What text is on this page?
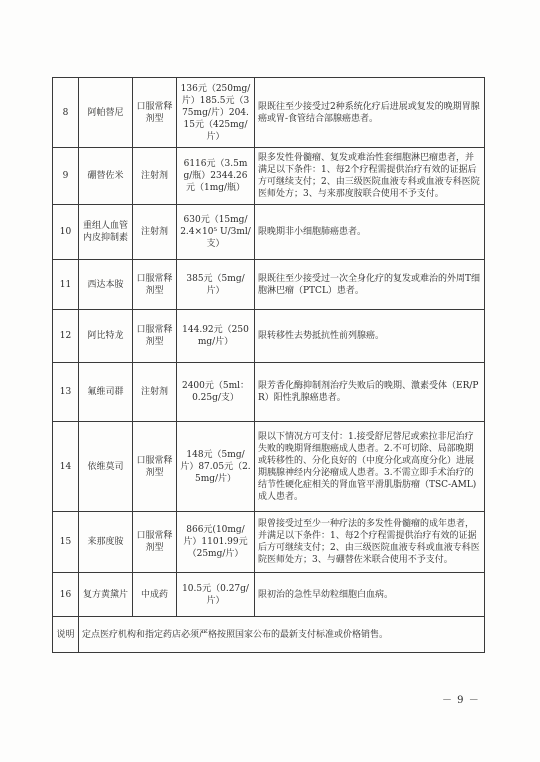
8	阿帕替尼	口服常释剂型	136元（250mg/片）185.5元（375mg/片）204.15元（425mg/片）	限既往至少接受过2种系统化疗后进展或复发的晚期胃腺癌或胃-食管结合部腺癌患者。
9	硼替佐米	注射剂	6116元（3.5mg/瓶）2344.26元（1mg/瓶）	限多发性骨髓瘤、复发或难治性套细胞淋巴瘤患者，并满足以下条件：1、每2个疗程需提供治疗有效的证据后方可继续支付；2、由三级医院血液专科或血液专科医院医师处方；3、与来那度胺联合使用不予支付。
10	重组人血管内皮抑制素	注射剂	630元（15mg/2.4×10⁵ U/3ml/支）	限晚期非小细胞肺癌患者。
11	西达本胺	口服常释剂型	385元（5mg/片）	限既往至少接受过一次全身化疗的复发或难治的外周T细胞淋巴瘤（PTCL）患者。
12	阿比特龙	口服常释剂型	144.92元（250mg/片）	限转移性去势抵抗性前列腺癌。
13	氟维司群	注射剂	2400元（5ml：0.25g/支）	限芳香化酶抑制剂治疗失败后的晚期、激素受体（ER/PR）阳性乳腺癌患者。
14	依维莫司	口服常释剂型	148元（5mg/片）87.05元（2.5mg/片）	限以下情况方可支付：1.接受舒尼替尼或索拉非尼治疗失败的晚期肾细胞癌成人患者。2.不可切除、局部晚期或转移性的、分化良好的（中度分化或高度分化）进展期胰腺神经内分泌瘤成人患者。3.不需立即手术治疗的结节性硬化症相关的肾血管平滑肌脂肪瘤（TSC-AML)成人患者。
15	来那度胺	口服常释剂型	866元(10mg/片）1101.99元（25mg/片）	限曾接受过至少一种疗法的多发性骨髓瘤的成年患者，并满足以下条件：1、每2个疗程需提供治疗有效的证据后方可继续支付；2、由三级医院血液专科或血液专科医院医师处方；3、与硼替佐米联合使用不予支付。
16	复方黄黛片	中成药	10.5元（0.27g/片）	限初治的急性早幼粒细胞白血病。
说明	定点医疗机构和指定药店必须严格按照国家公布的最新支付标准或价格销售。			
－ 9 －
